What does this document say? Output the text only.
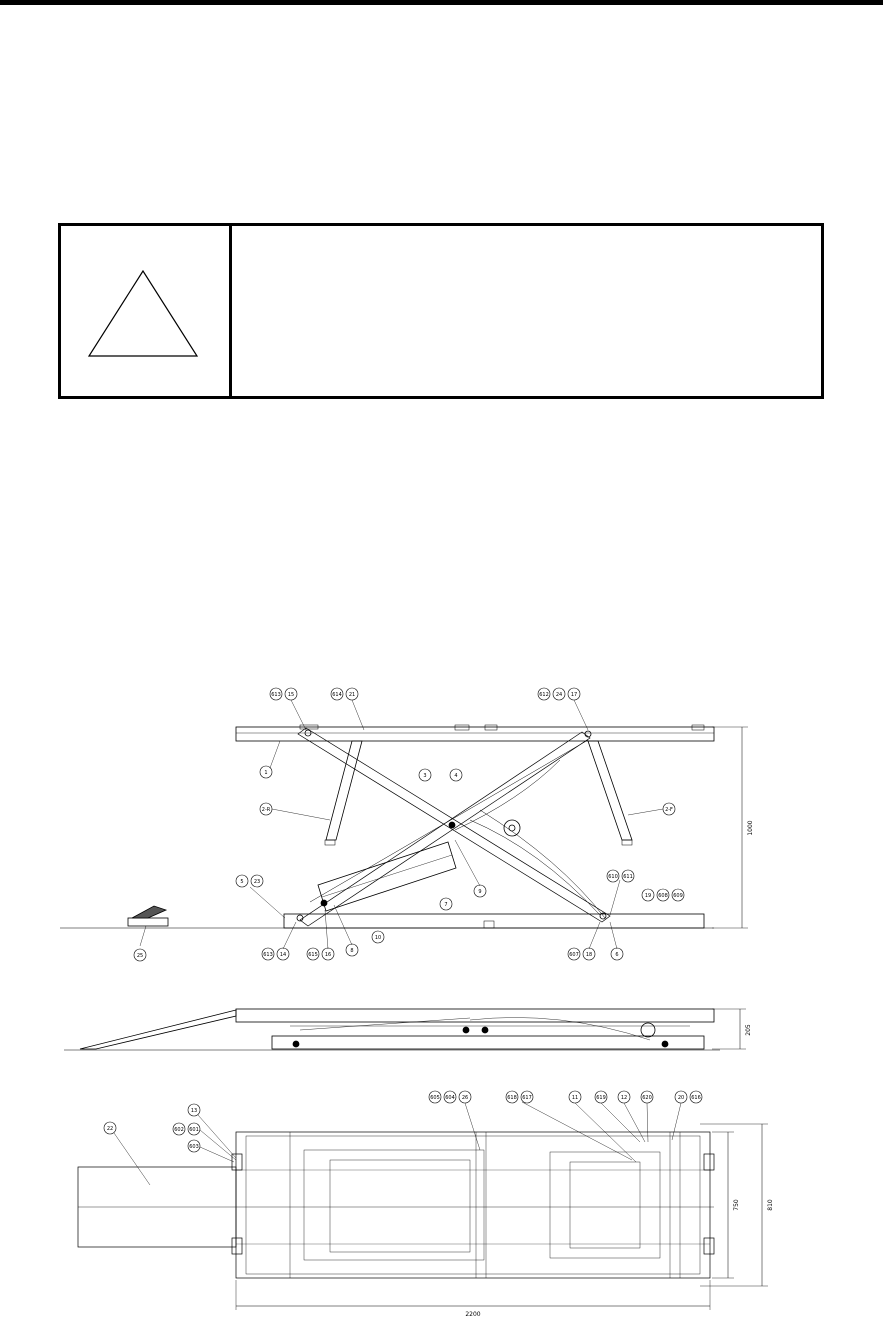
1000
613 15	614 21	612 24 17
1	3	4
2-R	2-F
5 23
7
9
610 611
19 608 609
613 14	615 16
8
10
607 18	6
25
205
2200
750	810
22
13
602 601
603
605 604 26	618 617	11	619	12	620	20 616
